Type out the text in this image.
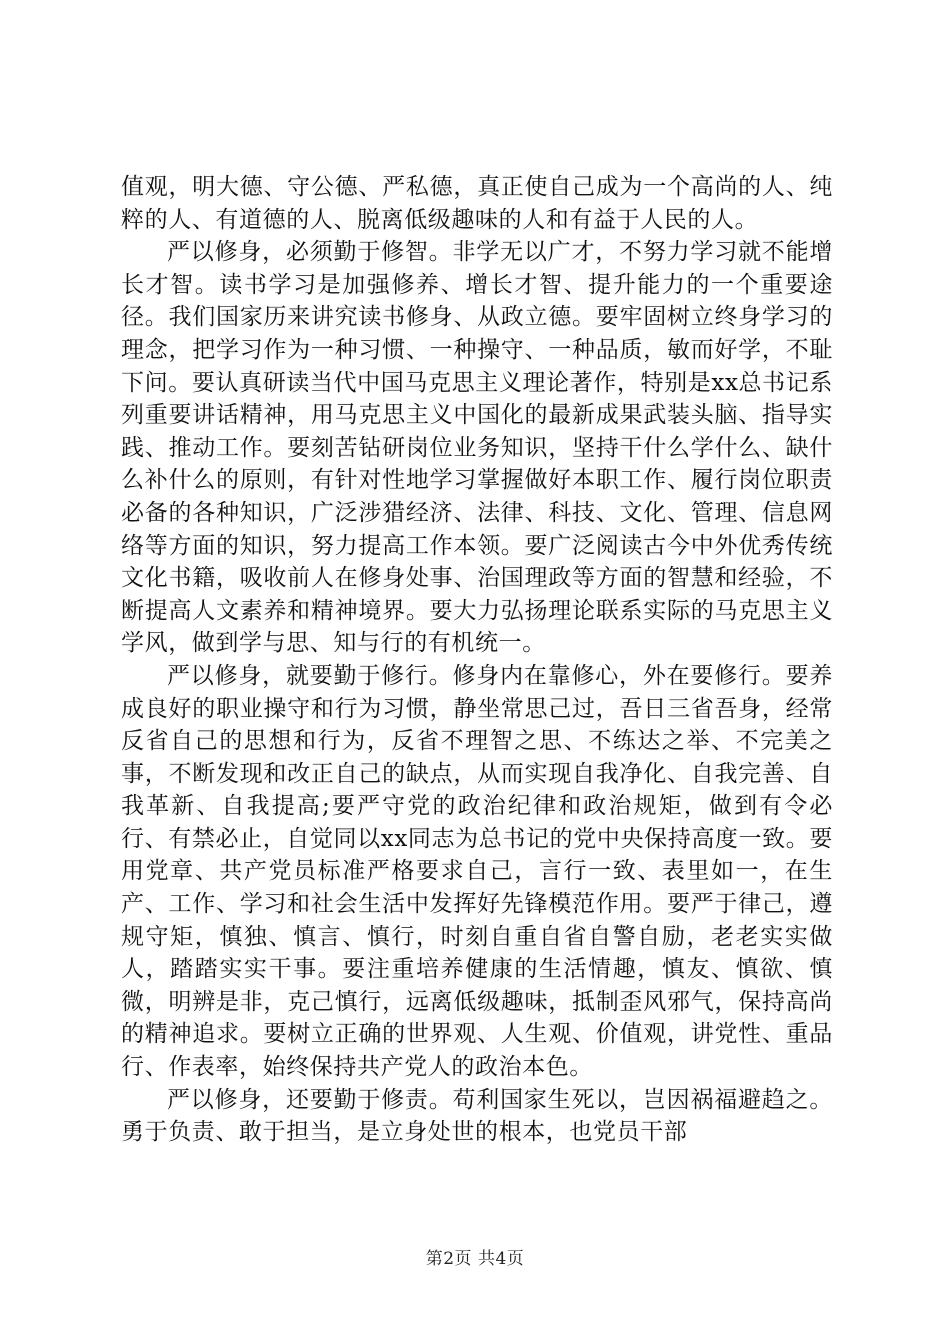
值观，明大德、守公德、严私德，真正使自己成为一个高尚的人、纯粹的人、有道德的人、脱离低级趣味的人和有益于人民的人。

严以修身，必须勤于修智。非学无以广才，不努力学习就不能增长才智。读书学习是加强修养、增长才智、提升能力的一个重要途径。我们国家历来讲究读书修身、从政立德。要牢固树立终身学习的理念，把学习作为一种习惯、一种操守、一种品质，敏而好学，不耻下问。要认真研读当代中国马克思主义理论著作，特别是xx总书记系列重要讲话精神，用马克思主义中国化的最新成果武装头脑、指导实践、推动工作。要刻苦钻研岗位业务知识，坚持干什么学什么、缺什么补什么的原则，有针对性地学习掌握做好本职工作、履行岗位职责必备的各种知识，广泛涉猎经济、法律、科技、文化、管理、信息网络等方面的知识，努力提高工作本领。要广泛阅读古今中外优秀传统文化书籍，吸收前人在修身处事、治国理政等方面的智慧和经验，不断提高人文素养和精神境界。要大力弘扬理论联系实际的马克思主义学风，做到学与思、知与行的有机统一。

严以修身，就要勤于修行。修身内在靠修心，外在要修行。要养成良好的职业操守和行为习惯，静坐常思己过，吾日三省吾身，经常反省自己的思想和行为，反省不理智之思、不练达之举、不完美之事，不断发现和改正自己的缺点，从而实现自我净化、自我完善、自我革新、自我提高;要严守党的政治纪律和政治规矩，做到有令必行、有禁必止，自觉同以xx同志为总书记的党中央保持高度一致。要用党章、共产党员标准严格要求自己，言行一致、表里如一，在生产、工作、学习和社会生活中发挥好先锋模范作用。要严于律己，遵规守矩，慎独、慎言、慎行，时刻自重自省自警自励，老老实实做人，踏踏实实干事。要注重培养健康的生活情趣，慎友、慎欲、慎微，明辨是非，克己慎行，远离低级趣味，抵制歪风邪气，保持高尚的精神追求。要树立正确的世界观、人生观、价值观，讲党性、重品行、作表率，始终保持共产党人的政治本色。

严以修身，还要勤于修责。苟利国家生死以，岂因祸福避趋之。勇于负责、敢于担当，是立身处世的根本，也党员干部

第2页 共4页
